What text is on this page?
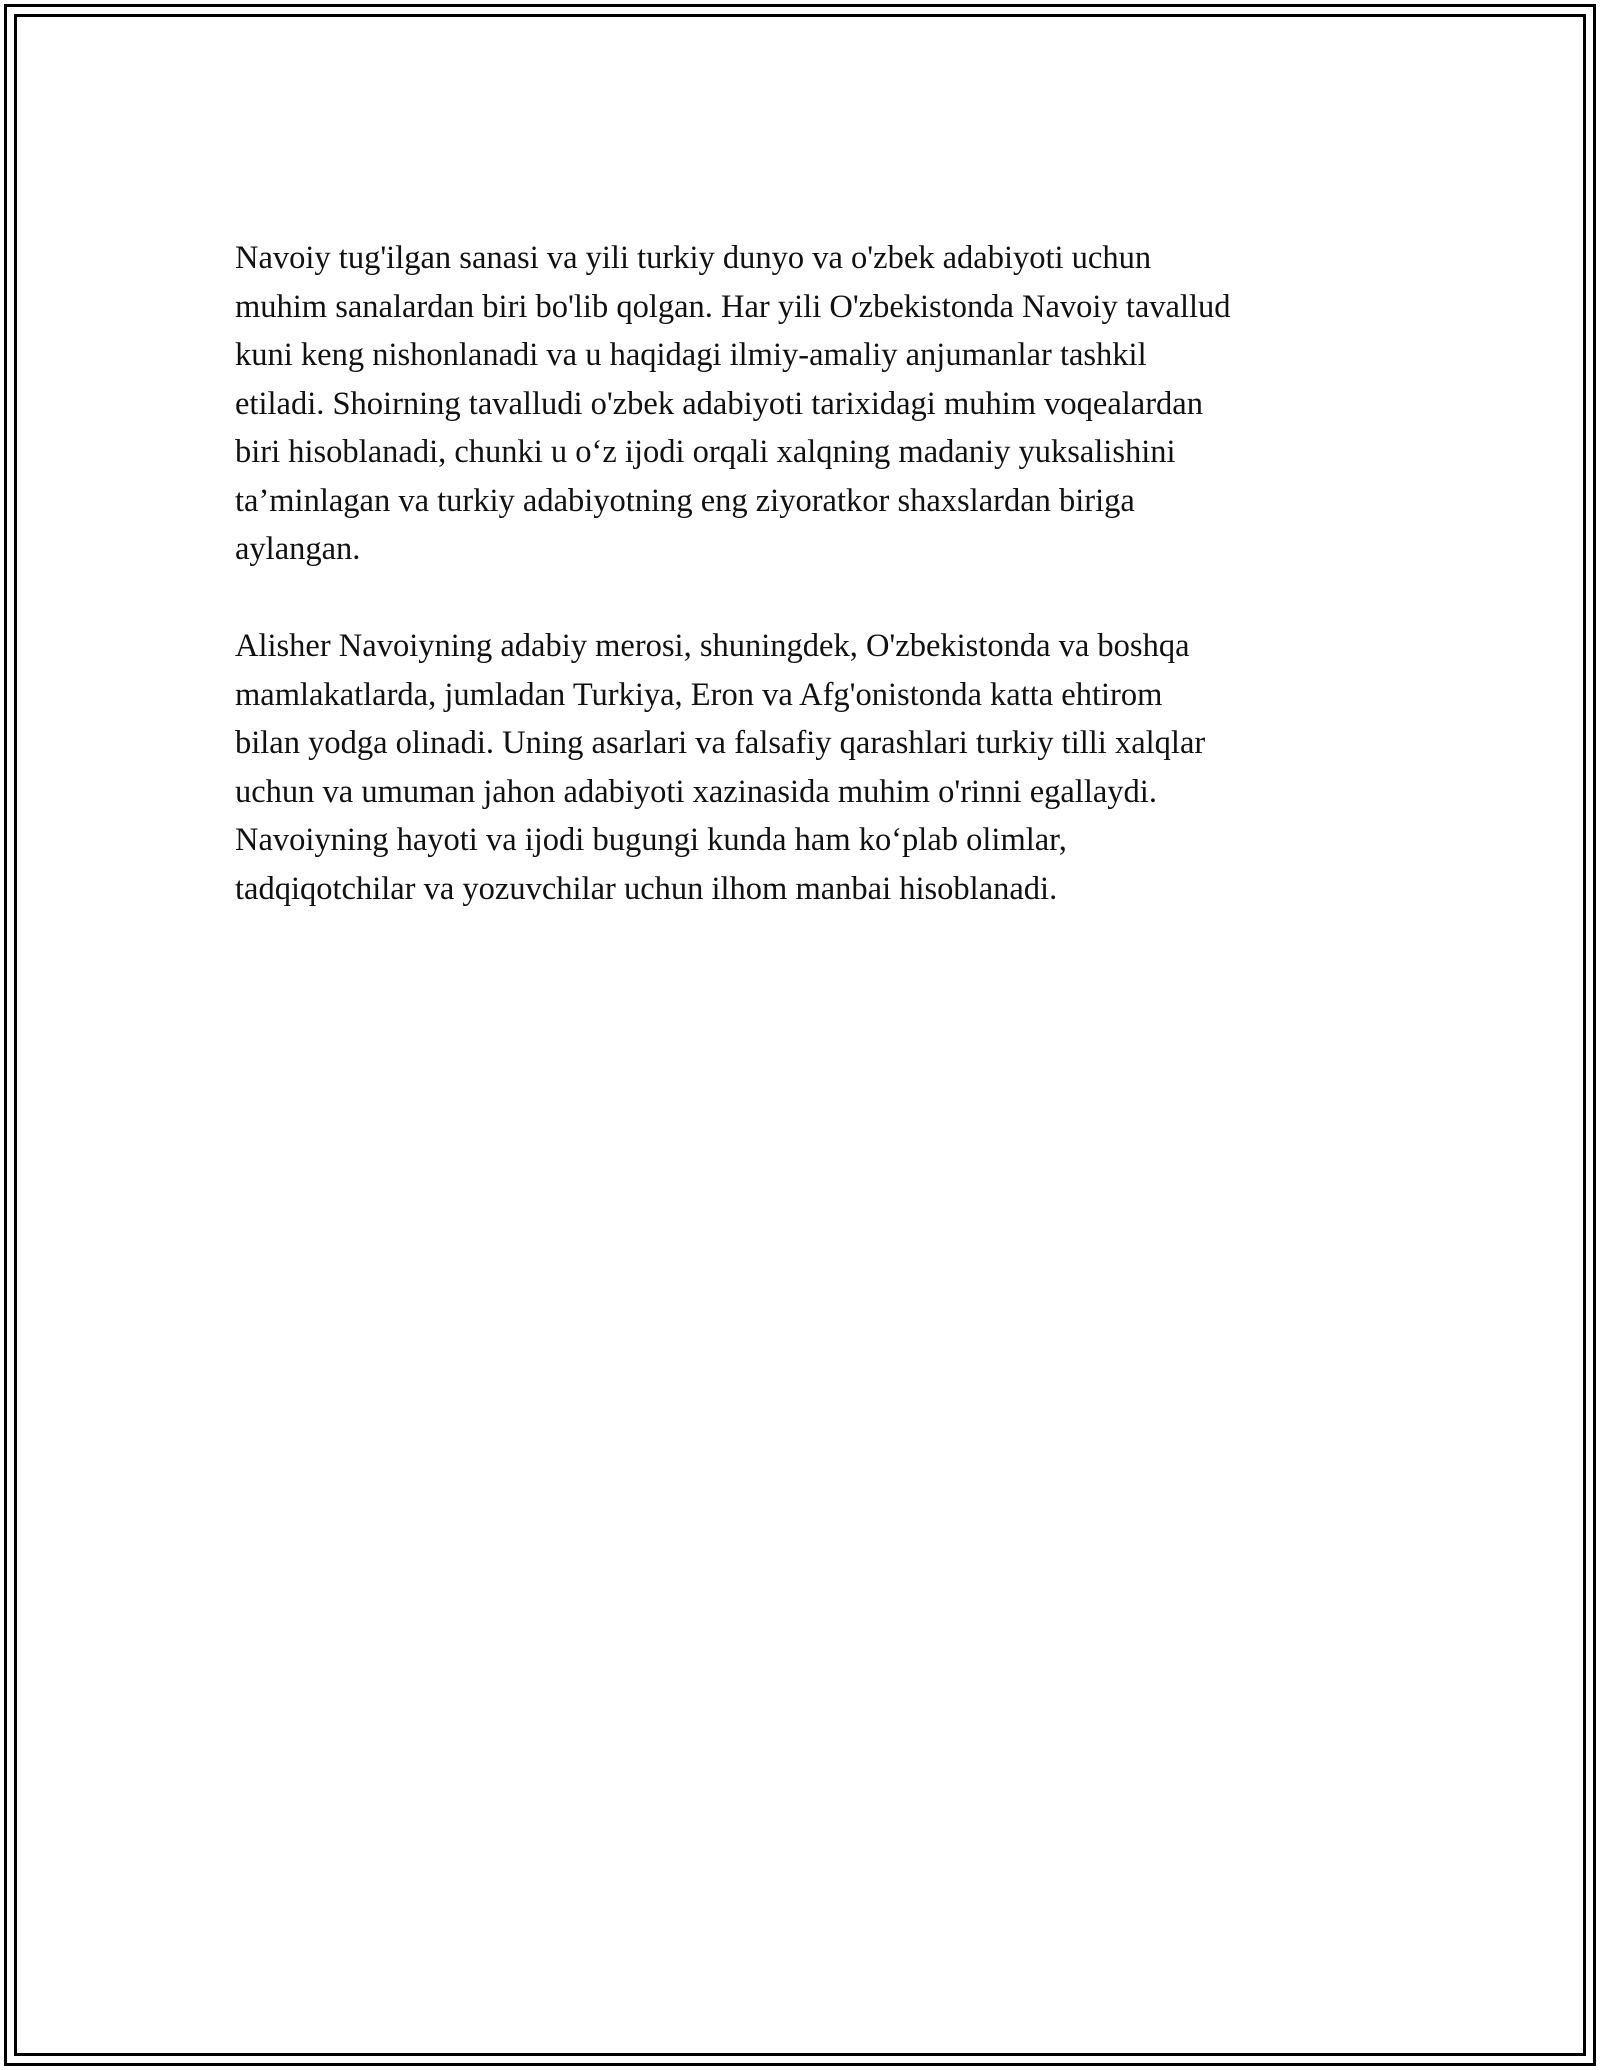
Navoiy tug'ilgan sanasi va yili turkiy dunyo va o'zbek adabiyoti uchun
muhim sanalardan biri bo'lib qolgan. Har yili O'zbekistonda Navoiy tavallud
kuni keng nishonlanadi va u haqidagi ilmiy-amaliy anjumanlar tashkil
etiladi. Shoirning tavalludi o'zbek adabiyoti tarixidagi muhim voqealardan
biri hisoblanadi, chunki u o‘z ijodi orqali xalqning madaniy yuksalishini
ta’minlagan va turkiy adabiyotning eng ziyoratkor shaxslardan biriga
aylangan.

Alisher Navoiyning adabiy merosi, shuningdek, O'zbekistonda va boshqa
mamlakatlarda, jumladan Turkiya, Eron va Afg'onistonda katta ehtirom
bilan yodga olinadi. Uning asarlari va falsafiy qarashlari turkiy tilli xalqlar
uchun va umuman jahon adabiyoti xazinasida muhim o'rinni egallaydi.
Navoiyning hayoti va ijodi bugungi kunda ham ko‘plab olimlar,
tadqiqotchilar va yozuvchilar uchun ilhom manbai hisoblanadi.
